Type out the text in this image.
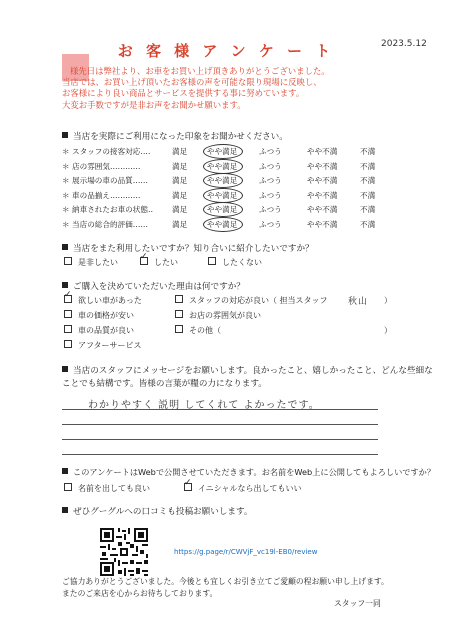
お 客 様 ア ン ケ ー ト	2023.5.12
様先日は弊社より、お車をお買い上げ頂きありがとうございました。
当店では、お買い上げ頂いたお客様の声を可能な限り現場に反映し、
お客様により良い商品とサービスを提供する事に努めています。
大変お手数ですが是非お声をお聞かせ願います。
当店を実際にご利用になった印象をお聞かせください。
＊ スタッフの接客対応‥‥	満足	やや満足	ふつう	やや不満	不満
＊ 店の雰囲気‥‥‥‥‥‥	満足	やや満足	ふつう	やや不満	不満
＊ 展示場の車の品質‥‥‥	満足	やや満足	ふつう	やや不満	不満
＊ 車の品揃え‥‥‥‥‥‥	満足	やや満足	ふつう	やや不満	不満
＊ 納車されたお車の状態‥ 満足	やや満足	ふつう	やや不満	不満
＊ 当店の総合的評価‥‥‥	満足	やや満足	ふつう	やや不満	不満
当店をまた利用したいですか？知り合いに紹介したいですか？
是非したい ✓	したい	したくない
ご購入を決めていただいた理由は何ですか？
✓欲しい車があった
車の価格が安い
車の品質が良い
アフターサービス
スタッフの対応が良い（ 担当スタッフ 秋山 ）
お店の雰囲気が良い
その他（	）
当店のスタッフにメッセージをお願いします。良かったこと、嬉しかったこと、どんな些細な
ことでも結構です。皆様の言葉が糧の力になります。
わかりやすく 説明 してくれて よかったです。
このアンケートはWebで公開させていただきます。お名前をWeb上に公開してもよろしいですか？
名前を出しても良い ✓	イニシャルなら出してもいい
ぜひグーグルへの口コミも投稿お願いします。
https://g.page/r/CWVjF_vc19l-EB0/review
ご協力ありがとうございました。今後とも宜しくお引き立てご愛顧の程お願い申し上げます。
またのご来店を心からお待ちしております。
スタッフ一同
